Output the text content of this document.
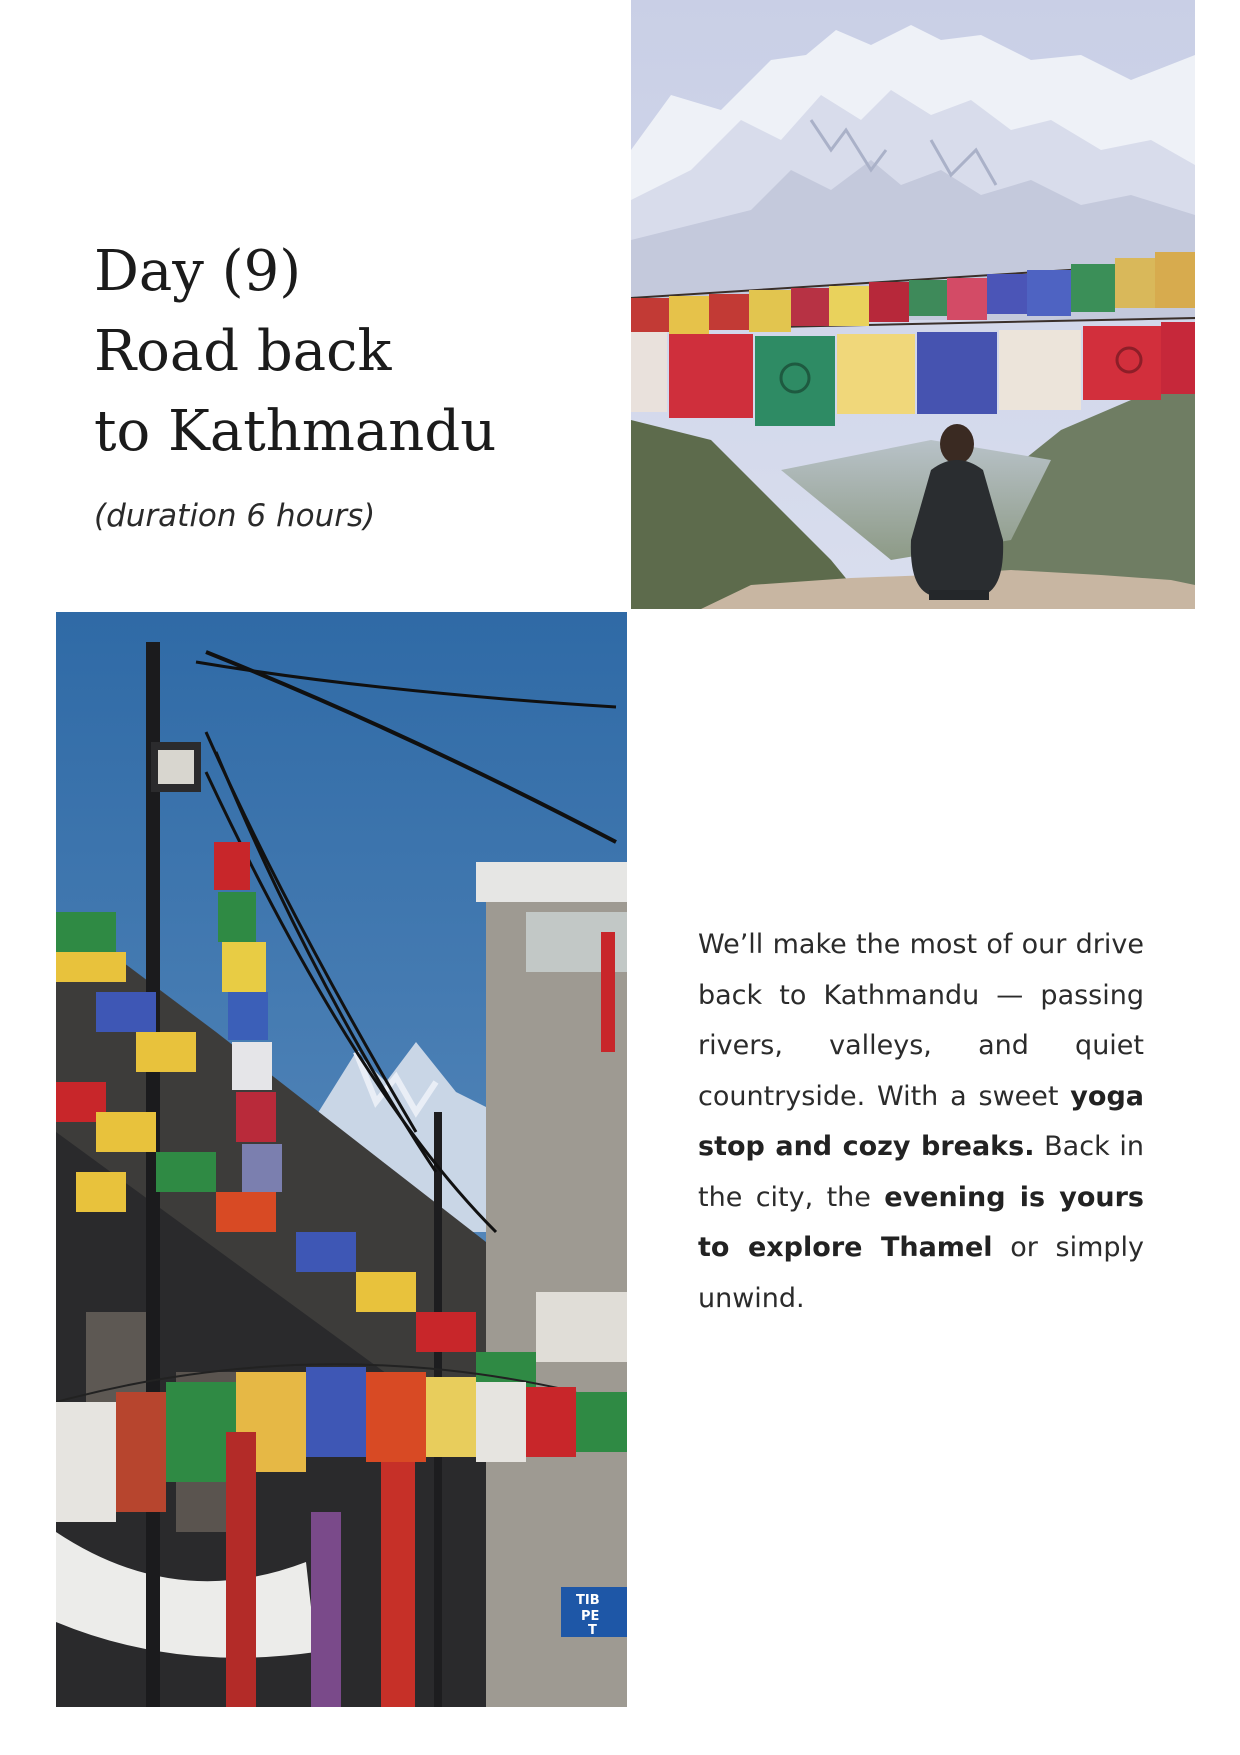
Day (9)
Road back
to Kathmandu

(duration 6 hours)

TIB
PE
T

We’ll make the most of our drive back to Kathmandu — passing rivers, valleys, and quiet countryside. With a sweet yoga stop and cozy breaks. Back in the city, the evening is yours to explore Thamel or simply unwind.
